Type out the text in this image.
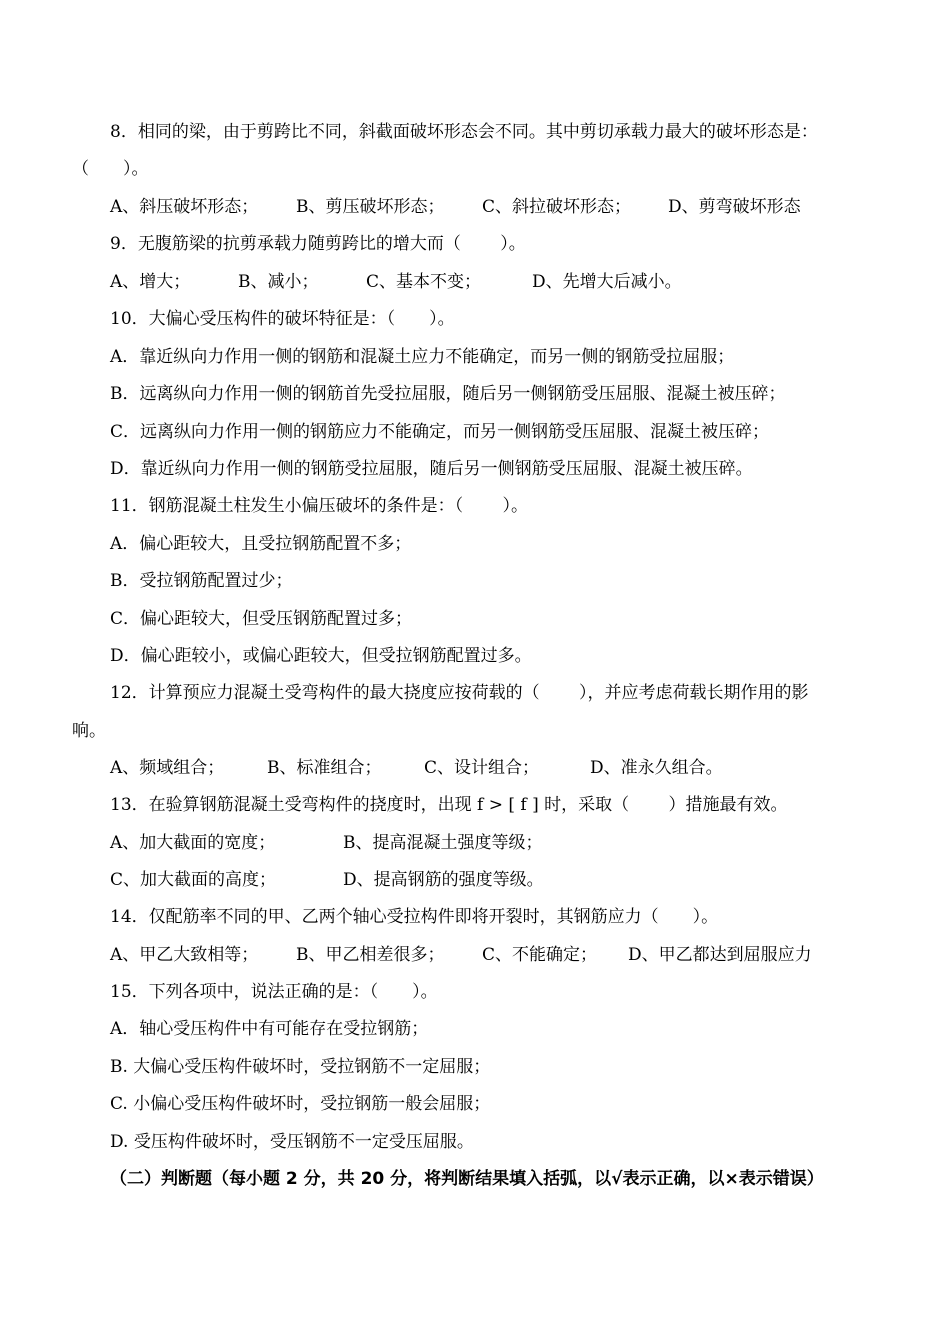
8．相同的梁，由于剪跨比不同，斜截面破坏形态会不同。其中剪切承载力最大的破坏形态是：
（　　）。
A、斜压破坏形态；	B、剪压破坏形态；	C、斜拉破坏形态；	D、剪弯破坏形态
9．无腹筋梁的抗剪承载力随剪跨比的增大而（　　 ）。
A、增大；	B、减小；	C、基本不变；	D、先增大后减小。
10．大偏心受压构件的破坏特征是：（　　）。
A．靠近纵向力作用一侧的钢筋和混凝土应力不能确定，而另一侧的钢筋受拉屈服；
B．远离纵向力作用一侧的钢筋首先受拉屈服，随后另一侧钢筋受压屈服、混凝土被压碎；
C．远离纵向力作用一侧的钢筋应力不能确定，而另一侧钢筋受压屈服、混凝土被压碎；
D．靠近纵向力作用一侧的钢筋受拉屈服，随后另一侧钢筋受压屈服、混凝土被压碎。
11．钢筋混凝土柱发生小偏压破坏的条件是：（　　 ）。
A．偏心距较大，且受拉钢筋配置不多；
B．受拉钢筋配置过少；
C．偏心距较大，但受压钢筋配置过多；
D．偏心距较小，或偏心距较大，但受拉钢筋配置过多。
12．计算预应力混凝土受弯构件的最大挠度应按荷载的（　　 ），并应考虑荷载长期作用的影
响。
A、频域组合；	B、标准组合；	C、设计组合；	D、准永久组合。
13．在验算钢筋混凝土受弯构件的挠度时，出现 f > [ f ] 时，采取（　　 ）措施最有效。
A、加大截面的宽度；	B、提高混凝土强度等级；
C、加大截面的高度；	D、提高钢筋的强度等级。
14．仅配筋率不同的甲、乙两个轴心受拉构件即将开裂时，其钢筋应力（　　）。
A、甲乙大致相等；	B、甲乙相差很多；	C、不能确定；	D、甲乙都达到屈服应力
15．下列各项中，说法正确的是：（　　）。
A．轴心受压构件中有可能存在受拉钢筋；
B. 大偏心受压构件破坏时，受拉钢筋不一定屈服；
C. 小偏心受压构件破坏时，受拉钢筋一般会屈服；
D. 受压构件破坏时，受压钢筋不一定受压屈服。
（二）判断题（每小题 2 分，共 20 分，将判断结果填入括弧，以√表示正确，以×表示错误）
